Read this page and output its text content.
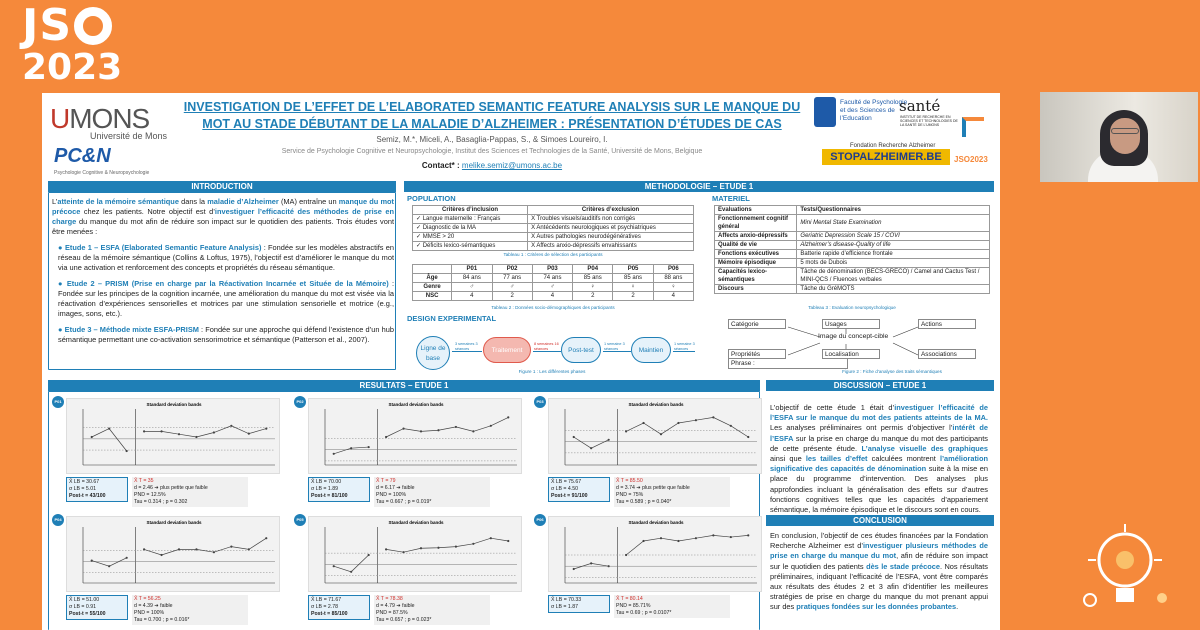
JS
2023
UMONS
Université de Mons
PC&N
Psychologie Cognitive & Neuropsychologie
INVESTIGATION DE L’EFFET DE L’ELABORATED SEMANTIC FEATURE ANALYSIS SUR LE MANQUE DU MOT AU STADE DÉBUTANT DE LA MALADIE D’ALZHEIMER : PRÉSENTATION D’ÉTUDES DE CAS
Semiz, M.*, Miceli, A., Basaglia-Pappas, S., & Simoes Loureiro, I.
Service de Psychologie Cognitive et Neuropsychologie, Institut des Sciences et Technologies de la Santé, Université de Mons, Belgique
Contact* : melike.semiz@umons.ac.be
Faculté de Psychologie et des Sciences de l’Education
santé
INSTITUT DE RECHERCHE EN SCIENCES ET TECHNOLOGIES DE LA SANTÉ DE L’UMONS
Fondation Recherche Alzheimer
STOPALZHEIMER.BE	JSO2023
INTRODUCTION

L’atteinte de la mémoire sémantique dans la maladie d’Alzheimer (MA) entraîne un manque du mot précoce chez les patients. Notre objectif est d’investiguer l’efficacité des méthodes de prise en charge du manque du mot afin de réduire son impact sur le quotidien des patients. Trois études vont être menées :

● Etude 1 – ESFA (Elaborated Semantic Feature Analysis) : Fondée sur les modèles abstractifs en réseau de la mémoire sémantique (Collins & Loftus, 1975), l’objectif est d’améliorer le manque du mot via une activation et renforcement des concepts et propriétés du réseau sémantique.

● Etude 2 – PRISM (Prise en charge par la Réactivation Incarnée et Située de la Mémoire) : Fondée sur les principes de la cognition incarnée, une amélioration du manque du mot est visée via la réactivation d’expériences sensorielles et motrices par une stimulation sensorielle et motrice (e.g., images, sons, etc.).

● Etude 3 – Méthode mixte ESFA-PRISM : Fondée sur une approche qui défend l’existence d’un hub sémantique permettant une co-activation sensorimotrice et sémantique (Patterson et al., 2007).

METHODOLOGIE – ETUDE 1
POPULATION	MATERIEL
Critères d’inclusion	Critères d’exclusion
✓ Langue maternelle : Français	X Troubles visuels/auditifs non corrigés
✓ Diagnostic de la MA	X Antécédents neurologiques et psychiatriques
✓ MMSE > 20	X Autres pathologies neurodégénératives
✓ Déficits lexico-sémantiques	X Affects anxio-dépressifs envahissants
Tableau 1 : Critères de sélection des participants
	P01	P02	P03	P04	P05	P06
Âge	84 ans	77 ans	74 ans	85 ans	85 ans	88 ans
Genre	♂	♂	♂	♀	♀	♀
NSC	4	2	4	2	2	4
Tableau 2 : Données socio-démographiques des participants
Evaluations	Tests/Questionnaires
Fonctionnement cognitif général	Mini Mental State Examination
Affects anxio-dépressifs	Geriatric Depression Scale 15 / COVI
Qualité de vie	Alzheimer’s disease-Quality of life
Fonctions exécutives	Batterie rapide d’efficience frontale
Mémoire épisodique	5 mots de Dubois
Capacités lexico-sémantiques	Tâche de dénomination (BECS-GRECO) / Camel and Cactus Test / MINI-QCS / Fluences verbales
Discours	Tâche du GréMOTS
Tableau 3 : Evaluation neuropsychologique
DESIGN EXPERIMENTAL
Ligne de base
3 semaines 3 séances	Traitement
8 semaines 16 séances	Post-test
1 semaine 3 séances	Maintien
1 semaine 3 séances
Figure 1 : Les différentes phases
Image du concept-cible
Catégorie	Usages	Actions
Propriétés	Localisation	Associations
Phrase :
Figure 2 : Fiche d’analyse des traits sémantiques
RESULTATS – ETUDE 1
P01
Standard deviation bands
X̄ LB = 30.67
σ LB = 5.01
Post-t = 43/100
X̄ T = 35
d = 2.46 ➔ plus petite que faible
PND = 12.5%
Tau = 0.314 ; p = 0.302
P02
Standard deviation bands
X̄ LB = 70.00
σ LB = 1.89
Post-t = 81/100
X̄ T = 79
d = 6.17 ➔ faible
PND = 100%
Tau = 0.667 ; p = 0.019*
P03
Standard deviation bands
X̄ LB = 75.67
σ LB = 4.50
Post-t = 91/100
X̄ T = 85.50
d = 3.74 ➔ plus petite que faible
PND = 75%
Tau = 0.589 ; p = 0.040*
P04
Standard deviation bands
X̄ LB = 51.00
σ LB = 0.91
Post-t = 55/100
X̄ T = 56.25
d = 4.39 ➔ faible
PND = 100%
Tau = 0.700 ; p = 0.016*
P05
Standard deviation bands
X̄ LB = 71.67
σ LB = 2.78
Post-t = 85/100
X̄ T = 78.38
d = 4.79 ➔ faible
PND = 87.5%
Tau = 0.657 ; p = 0.023*
P06
Standard deviation bands
X̄ LB = 70.33
σ LB = 1.87
X̄ T = 80.14
PND = 85.71%
Tau = 0.69 ; p = 0.0107*
DISCUSSION – ETUDE 1
L’objectif de cette étude 1 était d’investiguer l’efficacité de l’ESFA sur le manque du mot des patients atteints de la MA. Les analyses préliminaires ont permis d’objectiver l’intérêt de l’ESFA sur la prise en charge du manque du mot des participants de cette présente étude. L’analyse visuelle des graphiques ainsi que les tailles d’effet calculées montrent l’amélioration significative des capacités de dénomination suite à la mise en place du programme d’intervention. Des analyses plus approfondies incluant la généralisation des effets sur d’autres fonctions cognitives telles que les capacités d’appariement sémantique, la mémoire épisodique et le discours sont en cours.
CONCLUSION
En conclusion, l’objectif de ces études financées par la Fondation Recherche Alzheimer est d’investiguer plusieurs méthodes de prise en charge du manque du mot, afin de réduire son impact sur le quotidien des patients dès le stade précoce. Nos résultats préliminaires, indiquant l’efficacité de l’ESFA, vont être comparés aux résultats des études 2 et 3 afin d’identifier les meilleures stratégies de prise en charge du manque du mot prenant appui sur des pratiques fondées sur les données probantes.
